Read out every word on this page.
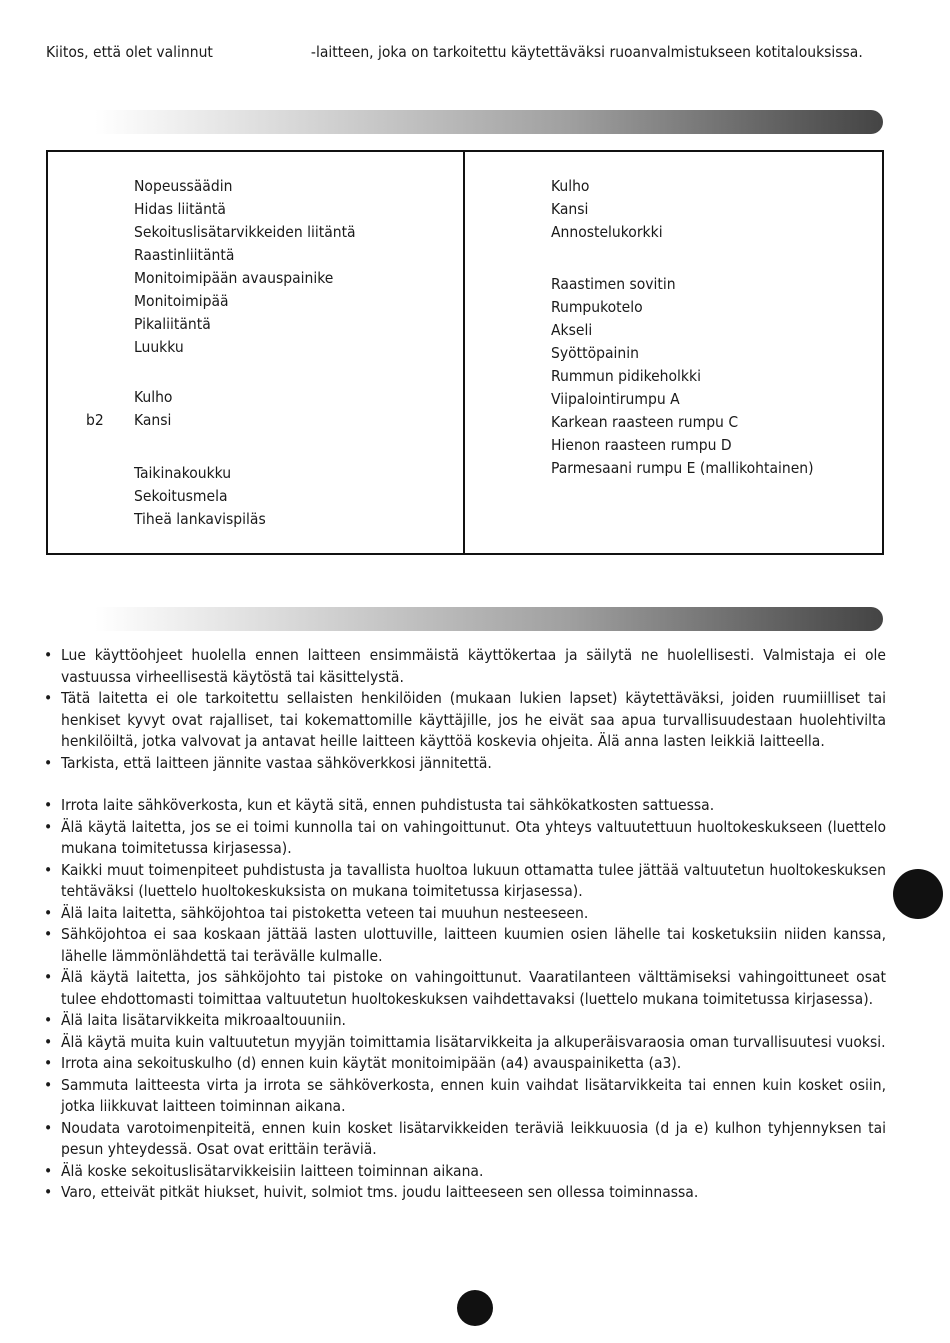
Kiitos, että olet valinnut	-laitteen, joka on tarkoitettu käytettäväksi ruoanvalmistukseen kotitalouksissa.

Nopeussäädin
Hidas liitäntä
Sekoituslisätarvikkeiden liitäntä
Raastinliitäntä
Monitoimipään avauspainike
Monitoimipää
Pikaliitäntä
Luukku
Kulho
b2 Kansi
Taikinakoukku
Sekoitusmela
Tiheä lankavispiläs
Kulho
Kansi
Annostelukorkki
Raastimen sovitin
Rumpukotelo
Akseli
Syöttöpainin
Rummun pidikeholkki
Viipalointirumpu A
Karkean raasteen rumpu C
Hienon raasteen rumpu D
Parmesaani rumpu E (mallikohtainen)
• Lue käyttöohjeet huolella ennen laitteen ensimmäistä käyttökertaa ja säilytä ne huolellisesti. Valmistaja ei ole vastuussa virheellisestä käytöstä tai käsittelystä.
• Tätä laitetta ei ole tarkoitettu sellaisten henkilöiden (mukaan lukien lapset) käytettäväksi, joiden ruumiilliset tai henkiset kyvyt ovat rajalliset, tai kokemattomille käyttäjille, jos he eivät saa apua turvallisuudestaan huolehtivilta henkilöiltä, jotka valvovat ja antavat heille laitteen käyttöä koskevia ohjeita. Älä anna lasten leikkiä laitteella.
• Tarkista, että laitteen jännite vastaa sähköverkkosi jännitettä.
• Irrota laite sähköverkosta, kun et käytä sitä, ennen puhdistusta tai sähkökatkosten sattuessa.
• Älä käytä laitetta, jos se ei toimi kunnolla tai on vahingoittunut. Ota yhteys valtuutettuun huoltokeskukseen (luettelo mukana toimitetussa kirjasessa).
• Kaikki muut toimenpiteet puhdistusta ja tavallista huoltoa lukuun ottamatta tulee jättää valtuutetun huoltokeskuksen tehtäväksi (luettelo huoltokeskuksista on mukana toimitetussa kirjasessa).
• Älä laita laitetta, sähköjohtoa tai pistoketta veteen tai muuhun nesteeseen.
• Sähköjohtoa ei saa koskaan jättää lasten ulottuville, laitteen kuumien osien lähelle tai kosketuksiin niiden kanssa, lähelle lämmönlähdettä tai terävälle kulmalle.
• Älä käytä laitetta, jos sähköjohto tai pistoke on vahingoittunut. Vaaratilanteen välttämiseksi vahingoittuneet osat tulee ehdottomasti toimittaa valtuutetun huoltokeskuksen vaihdettavaksi (luettelo mukana toimitetussa kirjasessa).
• Älä laita lisätarvikkeita mikroaaltouuniin.
• Älä käytä muita kuin valtuutetun myyjän toimittamia lisätarvikkeita ja alkuperäisvaraosia oman turvallisuutesi vuoksi.
• Irrota aina sekoituskulho (d) ennen kuin käytät monitoimipään (a4) avauspainiketta (a3).
• Sammuta laitteesta virta ja irrota se sähköverkosta, ennen kuin vaihdat lisätarvikkeita tai ennen kuin kosket osiin, jotka liikkuvat laitteen toiminnan aikana.
• Noudata varotoimenpiteitä, ennen kuin kosket lisätarvikkeiden teräviä leikkuuosia (d ja e) kulhon tyhjennyksen tai pesun yhteydessä. Osat ovat erittäin teräviä.
• Älä koske sekoituslisätarvikkeisiin laitteen toiminnan aikana.
• Varo, etteivät pitkät hiukset, huivit, solmiot tms. joudu laitteeseen sen ollessa toiminnassa.
